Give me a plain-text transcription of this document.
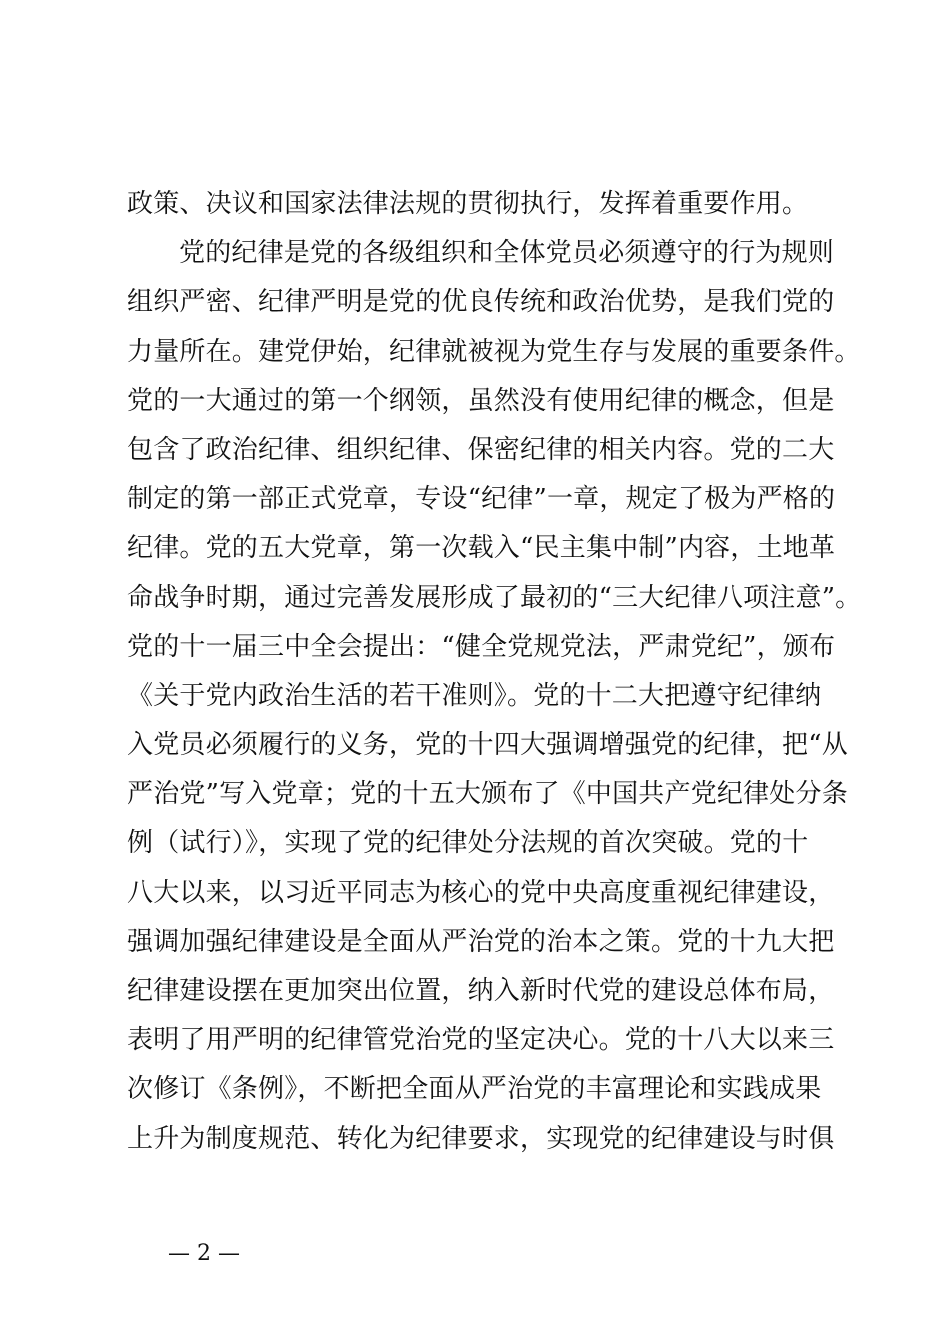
政策、决议和国家法律法规的贯彻执行，发挥着重要作用。
党的纪律是党的各级组织和全体党员必须遵守的行为规则
组织严密、纪律严明是党的优良传统和政治优势，是我们党的
力量所在。建党伊始，纪律就被视为党生存与发展的重要条件。
党的一大通过的第一个纲领，虽然没有使用纪律的概念，但是
包含了政治纪律、组织纪律、保密纪律的相关内容。党的二大
制定的第一部正式党章，专设“纪律”一章，规定了极为严格的
纪律。党的五大党章，第一次载入“民主集中制”内容，土地革
命战争时期，通过完善发展形成了最初的“三大纪律八项注意”。
党的十一届三中全会提出：“健全党规党法，严肃党纪”，颁布
《关于党内政治生活的若干准则》。党的十二大把遵守纪律纳
入党员必须履行的义务，党的十四大强调增强党的纪律，把“从
严治党”写入党章；党的十五大颁布了《中国共产党纪律处分条
例（试行）》，实现了党的纪律处分法规的首次突破。党的十
八大以来，以习近平同志为核心的党中央高度重视纪律建设，
强调加强纪律建设是全面从严治党的治本之策。党的十九大把
纪律建设摆在更加突出位置，纳入新时代党的建设总体布局，
表明了用严明的纪律管党治党的坚定决心。党的十八大以来三
次修订《条例》，不断把全面从严治党的丰富理论和实践成果
上升为制度规范、转化为纪律要求，实现党的纪律建设与时俱
— 2 —
